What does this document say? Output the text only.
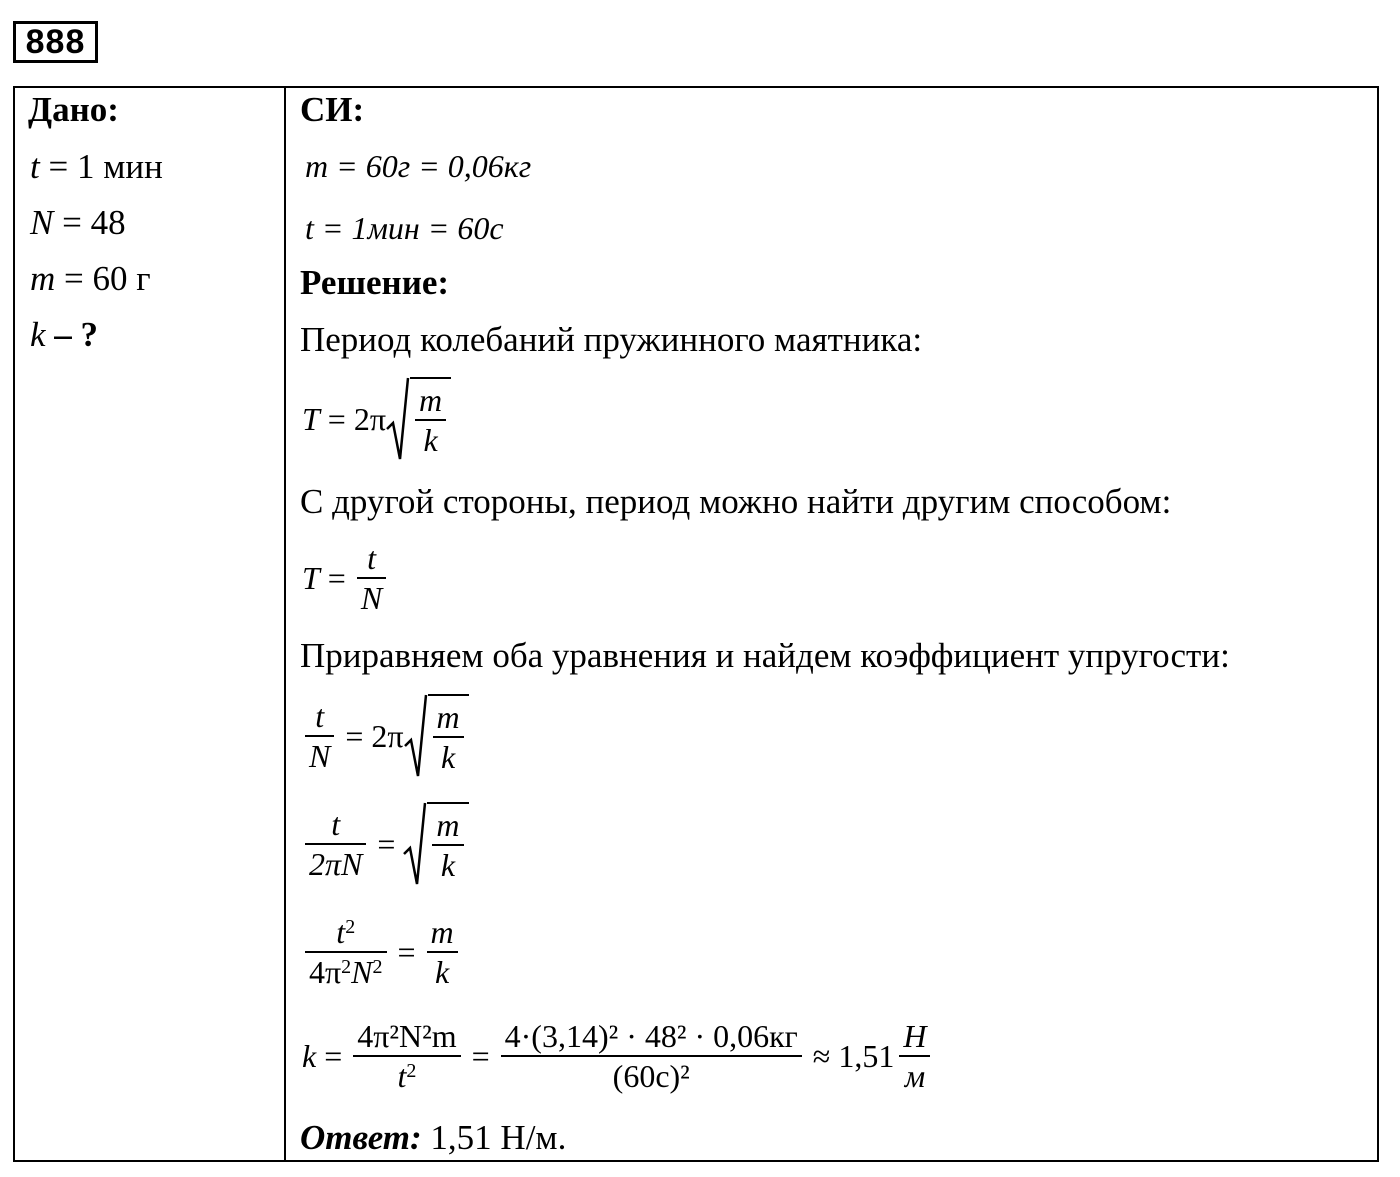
888
Дано:
t = 1 мин
N = 48
m = 60 г
k – ?
СИ:
m = 60г = 0,06кг
t = 1мин = 60с
Решение:
Период колебаний пружинного маятника:
$T = 2\pi \frac{m}{k}$
С другой стороны, период можно найти другим способом:
$T = \frac{t}{N}$
Приравняем оба уравнения и найдем коэффициент упругости:
$\frac{t}{N} = 2\pi \frac{m}{k}$
$\frac{t}{2\pi N} = \frac{m}{k}$
$\frac{t^2}{4\pi^2N^2} = \frac{m}{k}$
$k = \frac{\text{4π²N²m}}{t^2} = \frac{\text{4·(3,14)² · 48² · 0,06кг}}{\text{(60с)²}} \approx 1,51 \frac{Н}{м}$
Ответ: 1,51 Н/м.
